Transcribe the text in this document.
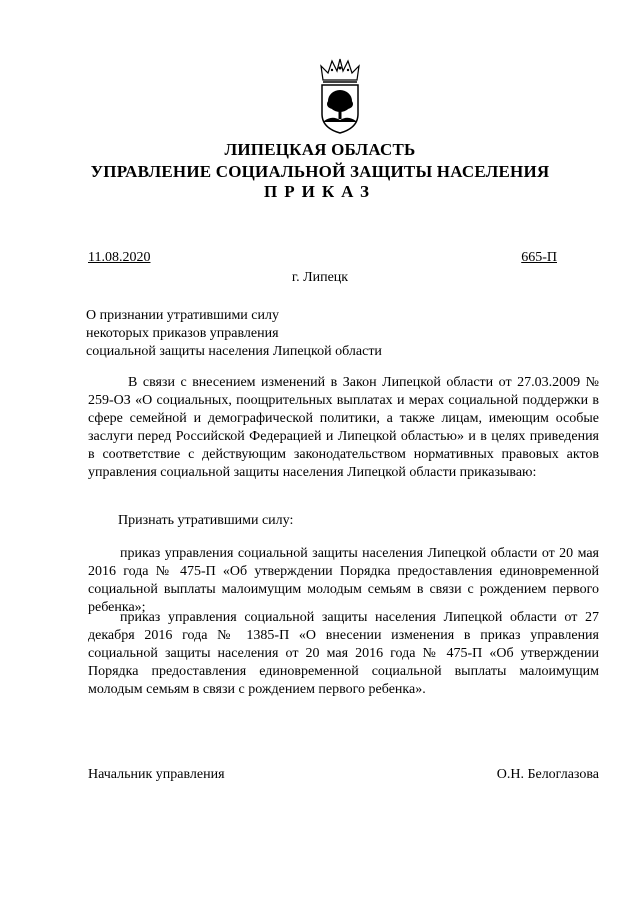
ЛИПЕЦКАЯ ОБЛАСТЬ
УПРАВЛЕНИЕ СОЦИАЛЬНОЙ ЗАЩИТЫ НАСЕЛЕНИЯ
ПРИКАЗ
11.08.2020	665-П
г. Липецк
О признании утратившими силу
некоторых приказов управления
социальной защиты населения Липецкой области
В связи с внесением изменений в Закон Липецкой области от 27.03.2009 № 259-ОЗ «О социальных, поощрительных выплатах и мерах социальной поддержки в сфере семейной и демографической политики, а также лицам, имеющим особые заслуги перед Российской Федерацией и Липецкой областью» и в целях приведения в соответствие с действующим законодательством нормативных правовых актов управления социальной защиты населения Липецкой области приказываю:
Признать утратившими силу:
приказ управления социальной защиты населения Липецкой области от 20 мая 2016 года № 475-П «Об утверждении Порядка предоставления единовременной социальной выплаты малоимущим молодым семьям в связи с рождением первого ребенка»;
приказ управления социальной защиты населения Липецкой области от 27 декабря 2016 года № 1385-П «О внесении изменения в приказ управления социальной защиты населения от 20 мая 2016 года № 475-П «Об утверждении Порядка предоставления единовременной социальной выплаты малоимущим молодым семьям в связи с рождением первого ребенка».
Начальник управления	О.Н. Белоглазова
